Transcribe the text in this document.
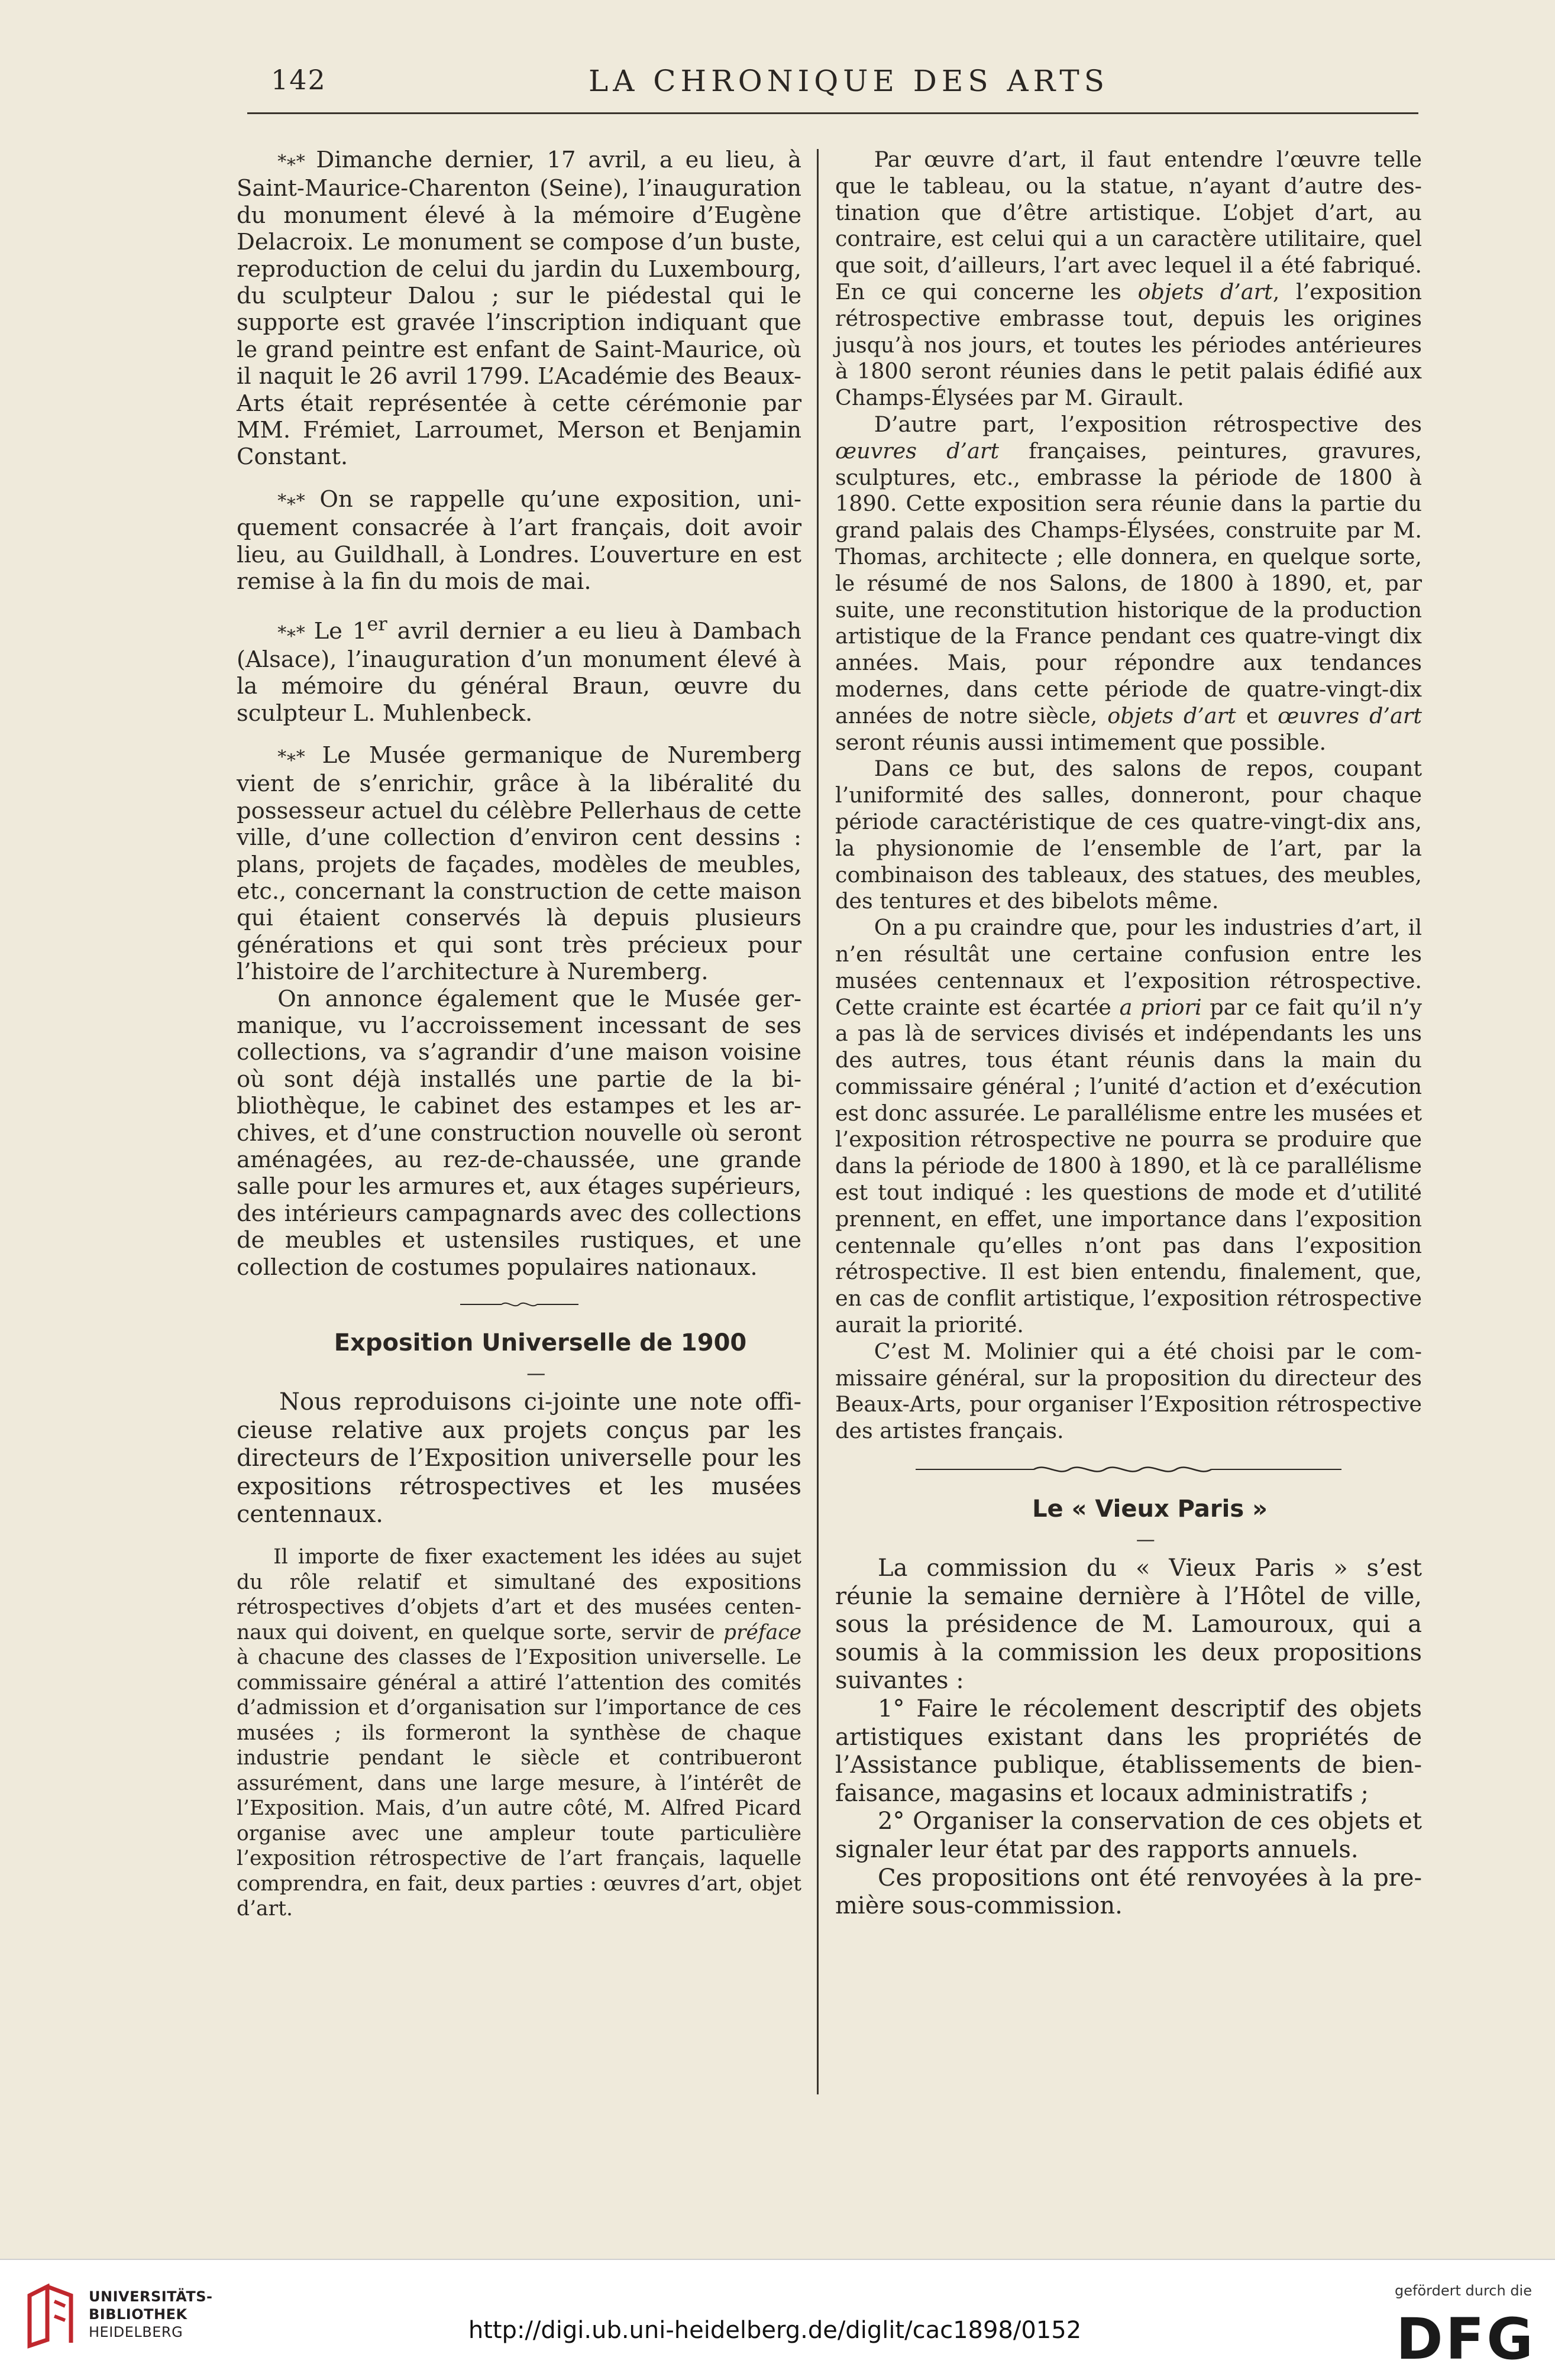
142	LA CHRONIQUE DES ARTS

*∗* Dimanche dernier, 17 avril, a eu lieu, à Saint-Maurice-Charenton (Seine), l’inauguration du monument élevé à la mémoire d’Eugène Delacroix. Le monument se compose d’un buste, reproduction de celui du jardin du Luxembourg, du sculpteur Dalou ; sur le piédestal qui le supporte est gravée l’inscription indiquant que le grand peintre est enfant de Saint-Maurice, où il naquit le 26 avril 1799. L’Académie des Beaux-Arts était représentée à cette cérémonie par MM. Frémiet, Larroumet, Merson et Benjamin Constant.

*∗* On se rappelle qu’une exposition, uniquement consacrée à l’art français, doit avoir lieu, au Guildhall, à Londres. L’ouverture en est remise à la fin du mois de mai.

*∗* Le 1er avril dernier a eu lieu à Dambach (Alsace), l’inauguration d’un monument élevé à la mémoire du général Braun, œuvre du sculpteur L. Muhlenbeck.

*∗* Le Musée germanique de Nuremberg vient de s’enrichir, grâce à la libéralité du possesseur actuel du célèbre Pellerhaus de cette ville, d’une collection d’environ cent dessins : plans, projets de façades, modèles de meubles, etc., concernant la construction de cette maison qui étaient conservés là depuis plusieurs générations et qui sont très précieux pour l’histoire de l’architecture à Nuremberg.

On annonce également que le Musée germanique, vu l’accroissement incessant de ses collections, va s’agrandir d’une maison voisine où sont déjà installés une partie de la bibliothèque, le cabinet des estampes et les archives, et d’une construction nouvelle où seront aménagées, au rez-de-chaussée, une grande salle pour les armures et, aux étages supérieurs, des intérieurs campagnards avec des collections de meubles et ustensiles rustiques, et une collection de costumes populaires nationaux.

Exposition Universelle de 1900

—

Nous reproduisons ci-jointe une note officieuse relative aux projets conçus par les directeurs de l’Exposition universelle pour les expositions rétrospectives et les musées centennaux.

Il importe de fixer exactement les idées au sujet du rôle relatif et simultané des expositions rétrospectives d’objets d’art et des musées centennaux qui doivent, en quelque sorte, servir de préface à chacune des classes de l’Exposition universelle. Le commissaire général a attiré l’attention des comités d’admission et d’organisation sur l’importance de ces musées ; ils formeront la synthèse de chaque industrie pendant le siècle et contribueront assurément, dans une large mesure, à l’intérêt de l’Exposition. Mais, d’un autre côté, M. Alfred Picard organise avec une ampleur toute particulière l’exposition rétrospective de l’art français, laquelle comprendra, en fait, deux parties : œuvres d’art, objet d’art.

Par œuvre d’art, il faut entendre l’œuvre telle que le tableau, ou la statue, n’ayant d’autre destination que d’être artistique. L’objet d’art, au contraire, est celui qui a un caractère utilitaire, quel que soit, d’ailleurs, l’art avec lequel il a été fabriqué. En ce qui concerne les objets d’art, l’exposition rétrospective embrasse tout, depuis les origines jusqu’à nos jours, et toutes les périodes antérieures à 1800 seront réunies dans le petit palais édifié aux Champs-Élysées par M. Girault.

D’autre part, l’exposition rétrospective des œuvres d’art françaises, peintures, gravures, sculptures, etc., embrasse la période de 1800 à 1890. Cette exposition sera réunie dans la partie du grand palais des Champs-Élysées, construite par M. Thomas, architecte ; elle donnera, en quelque sorte, le résumé de nos Salons, de 1800 à 1890, et, par suite, une reconstitution historique de la production artistique de la France pendant ces quatre-vingt dix années. Mais, pour répondre aux tendances modernes, dans cette période de quatre-vingt-dix années de notre siècle, objets d’art et œuvres d’art seront réunis aussi intimement que possible.

Dans ce but, des salons de repos, coupant l’uniformité des salles, donneront, pour chaque période caractéristique de ces quatre-vingt-dix ans, la physionomie de l’ensemble de l’art, par la combinaison des tableaux, des statues, des meubles, des tentures et des bibelots même.

On a pu craindre que, pour les industries d’art, il n’en résultât une certaine confusion entre les musées centennaux et l’exposition rétrospective. Cette crainte est écartée a priori par ce fait qu’il n’y a pas là de services divisés et indépendants les uns des autres, tous étant réunis dans la main du commissaire général ; l’unité d’action et d’exécution est donc assurée. Le parallélisme entre les musées et l’exposition rétrospective ne pourra se produire que dans la période de 1800 à 1890, et là ce parallélisme est tout indiqué : les questions de mode et d’utilité prennent, en effet, une importance dans l’exposition centennale qu’elles n’ont pas dans l’exposition rétrospective. Il est bien entendu, finalement, que, en cas de conflit artistique, l’exposition rétrospective aurait la priorité.

C’est M. Molinier qui a été choisi par le commissaire général, sur la proposition du directeur des Beaux-Arts, pour organiser l’Exposition rétrospective des artistes français.

Le « Vieux Paris »

—

La commission du « Vieux Paris » s’est réunie la semaine dernière à l’Hôtel de ville, sous la présidence de M. Lamouroux, qui a soumis à la commission les deux propositions suivantes :

1° Faire le récolement descriptif des objets artistiques existant dans les propriétés de l’Assistance publique, établissements de bienfaisance, magasins et locaux administratifs ;

2° Organiser la conservation de ces objets et signaler leur état par des rapports annuels.

Ces propositions ont été renvoyées à la première sous-commission.

UNIVERSITÄTS-
BIBLIOTHEK
HEIDELBERG	http://digi.ub.uni-heidelberg.de/diglit/cac1898/0152
gefördert durch die
DFG
